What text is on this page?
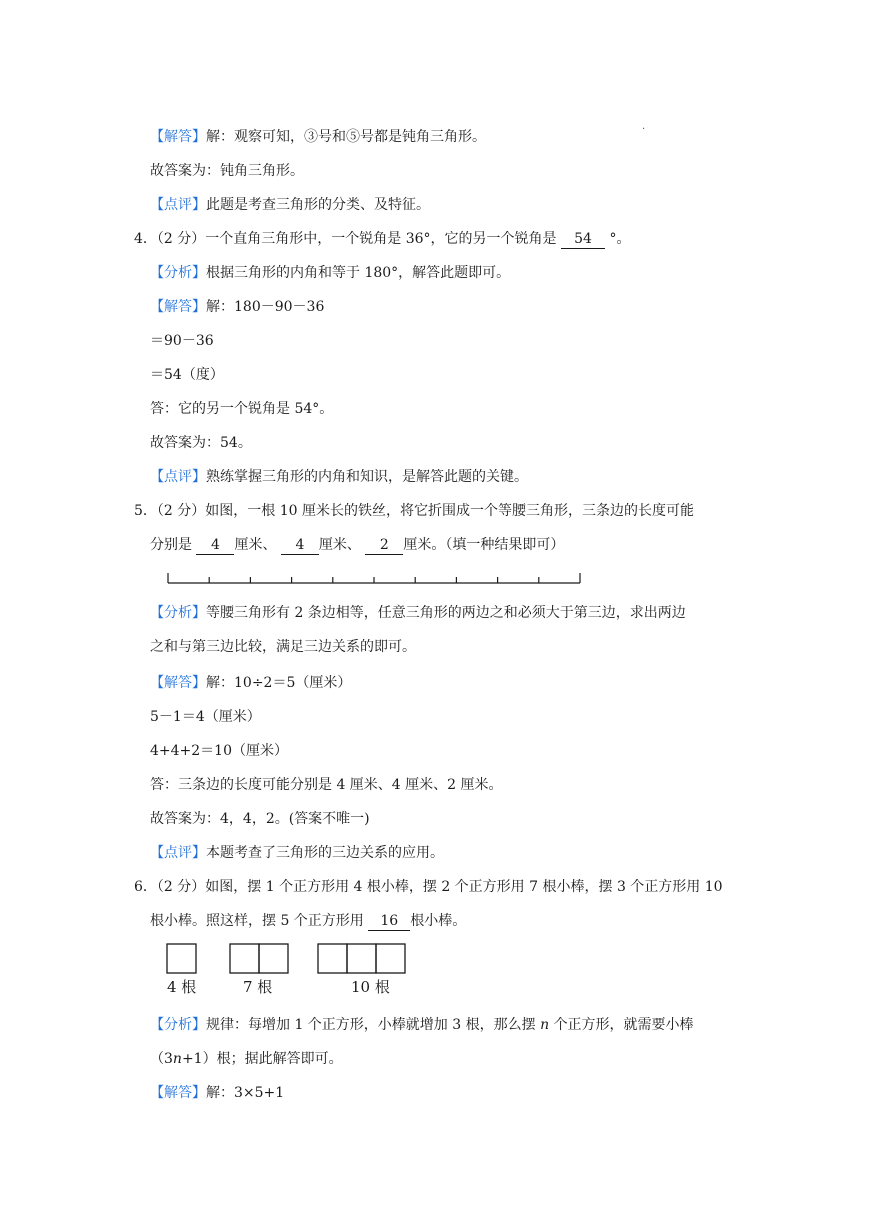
【解答】解：观察可知，③号和⑤号都是钝角三角形。	·
故答案为：钝角三角形。
【点评】此题是考查三角形的分类、及特征。
4．（2 分）一个直角三角形中，一个锐角是 36°，它的另一个锐角是 54 °。
【分析】根据三角形的内角和等于 180°，解答此题即可。
【解答】解：180－90－36
＝90－36
＝54（度）
答：它的另一个锐角是 54°。
故答案为：54。
【点评】熟练掌握三角形的内角和知识，是解答此题的关键。
5．（2 分）如图，一根 10 厘米长的铁丝，将它折围成一个等腰三角形，三条边的长度可能
分别是 4 厘米、 4 厘米、 2 厘米。（填一种结果即可）
【分析】等腰三角形有 2 条边相等，任意三角形的两边之和必须大于第三边，求出两边
之和与第三边比较，满足三边关系的即可。
【解答】解：10÷2＝5（厘米）
5－1＝4（厘米）
4+4+2＝10（厘米）
答：三条边的长度可能分别是 4 厘米、4 厘米、2 厘米。
故答案为：4，4，2。(答案不唯一)
【点评】本题考查了三角形的三边关系的应用。
6．（2 分）如图，摆 1 个正方形用 4 根小棒，摆 2 个正方形用 7 根小棒，摆 3 个正方形用 10
根小棒。照这样，摆 5 个正方形用 16 根小棒。
4 根	7 根	10 根
【分析】规律：每增加 1 个正方形，小棒就增加 3 根，那么摆 n 个正方形，就需要小棒
（3n+1）根；据此解答即可。
【解答】解：3×5+1
